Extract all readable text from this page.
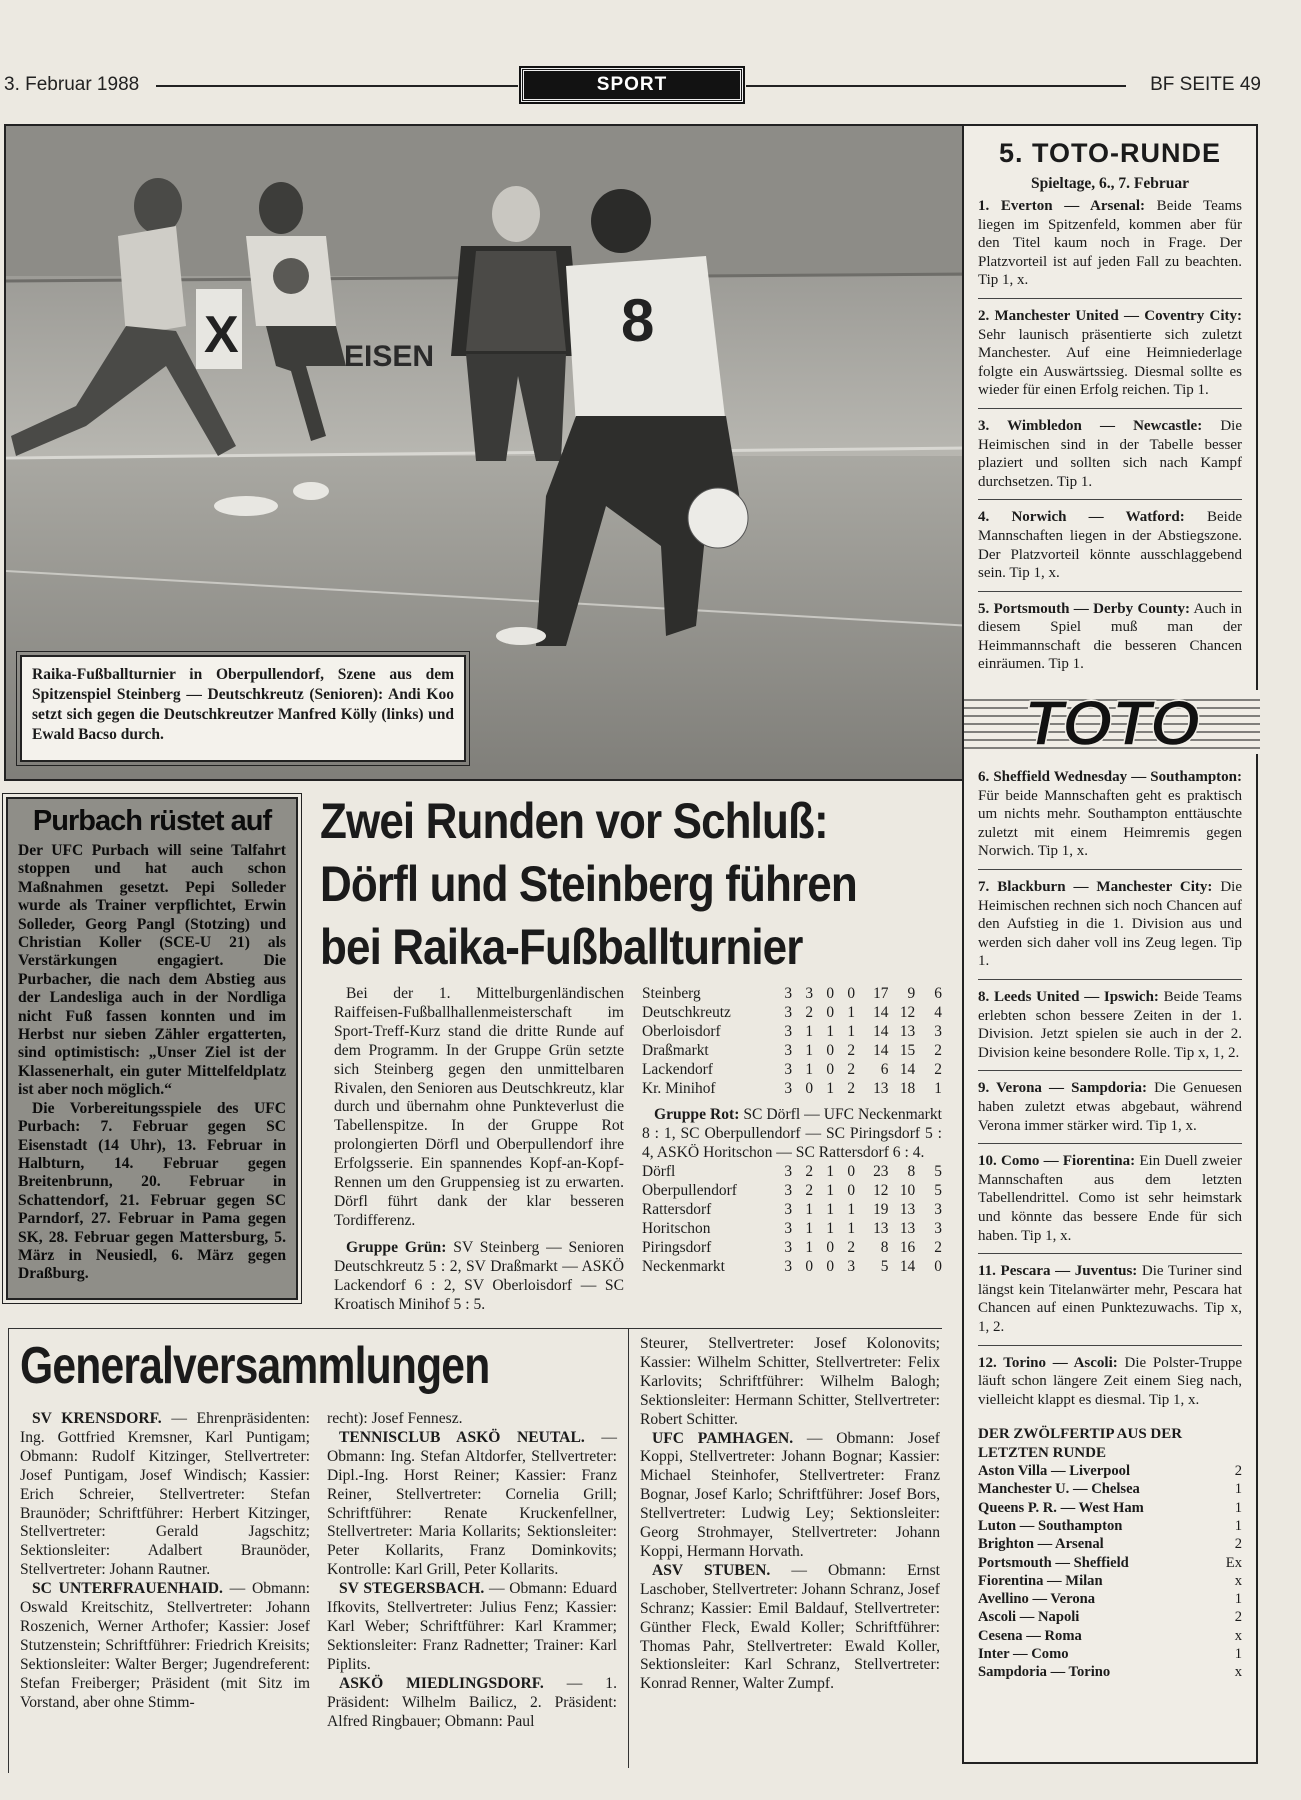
3. Februar 1988	SPORT	BF SEITE 49
X	EISEN
8
Raika-Fußballturnier in Oberpullendorf, Szene aus dem Spitzenspiel Steinberg — Deutschkreutz (Senioren): Andi Koo setzt sich gegen die Deutschkreutzer Manfred Kölly (links) und Ewald Bacso durch.
5. TOTO-RUNDE
Spieltage, 6., 7. Februar
1. Everton — Arsenal: Beide Teams liegen im Spitzenfeld, kommen aber für den Titel kaum noch in Frage. Der Platzvorteil ist auf jeden Fall zu beachten. Tip 1, x.
2. Manchester United — Coventry City: Sehr launisch präsentierte sich zuletzt Manchester. Auf eine Heimniederlage folgte ein Auswärtssieg. Diesmal sollte es wieder für einen Erfolg reichen. Tip 1.
3. Wimbledon — Newcastle: Die Heimischen sind in der Tabelle besser plaziert und sollten sich nach Kampf durchsetzen. Tip 1.
4. Norwich — Watford: Beide Mannschaften liegen in der Abstiegszone. Der Platzvorteil könnte ausschlaggebend sein. Tip 1, x.
5. Portsmouth — Derby County: Auch in diesem Spiel muß man der Heimmannschaft die besseren Chancen einräumen. Tip 1.
TOTO
6. Sheffield Wednesday — Southampton: Für beide Mannschaften geht es praktisch um nichts mehr. Southampton enttäuschte zuletzt mit einem Heimremis gegen Norwich. Tip 1, x.
7. Blackburn — Manchester City: Die Heimischen rechnen sich noch Chancen auf den Aufstieg in die 1. Division aus und werden sich daher voll ins Zeug legen. Tip 1.
8. Leeds United — Ipswich: Beide Teams erlebten schon bessere Zeiten in der 1. Division. Jetzt spielen sie auch in der 2. Division keine besondere Rolle. Tip x, 1, 2.
9. Verona — Sampdoria: Die Genuesen haben zuletzt etwas abgebaut, während Verona immer stärker wird. Tip 1, x.
10. Como — Fiorentina: Ein Duell zweier Mannschaften aus dem letzten Tabellendrittel. Como ist sehr heimstark und könnte das bessere Ende für sich haben. Tip 1, x.
11. Pescara — Juventus: Die Turiner sind längst kein Titelanwärter mehr, Pescara hat Chancen auf einen Punktezuwachs. Tip x, 1, 2.
12. Torino — Ascoli: Die Polster-Truppe läuft schon längere Zeit einem Sieg nach, vielleicht klappt es diesmal. Tip 1, x.
DER ZWÖLFERTIP AUS DER LETZTEN RUNDE
Aston Villa — Liverpool	2
Manchester U. — Chelsea	1
Queens P. R. — West Ham	1
Luton — Southampton	1
Brighton — Arsenal	2
Portsmouth — Sheffield	Ex
Fiorentina — Milan	x
Avellino — Verona	1
Ascoli — Napoli	2
Cesena — Roma	x
Inter — Como	1
Sampdoria — Torino	x
Purbach rüstet auf

Der UFC Purbach will seine Talfahrt stoppen und hat auch schon Maßnahmen gesetzt. Pepi Solleder wurde als Trainer verpflichtet, Erwin Solleder, Georg Pangl (Stotzing) und Christian Koller (SCE-U 21) als Verstärkungen engagiert. Die Purbacher, die nach dem Abstieg aus der Landesliga auch in der Nordliga nicht Fuß fassen konnten und im Herbst nur sieben Zähler ergatterten, sind optimistisch: „Unser Ziel ist der Klassenerhalt, ein guter Mittelfeldplatz ist aber noch möglich.“

Die Vorbereitungsspiele des UFC Purbach: 7. Februar gegen SC Eisenstadt (14 Uhr), 13. Februar in Halbturn, 14. Februar gegen Breitenbrunn, 20. Februar in Schattendorf, 21. Februar gegen SC Parndorf, 27. Februar in Pama gegen SK, 28. Februar gegen Mattersburg, 5. März in Neusiedl, 6. März gegen Draßburg.

Zwei Runden vor Schluß:
Dörfl und Steinberg führen
bei Raika-Fußballturnier

Bei der 1. Mittelburgenländischen Raiffeisen-Fußballhallenmeisterschaft im Sport-Treff-Kurz stand die dritte Runde auf dem Programm. In der Gruppe Grün setzte sich Steinberg gegen den unmittelbaren Rivalen, den Senioren aus Deutschkreutz, klar durch und übernahm ohne Punkteverlust die Tabellenspitze. In der Gruppe Rot prolongierten Dörfl und Oberpullendorf ihre Erfolgsserie. Ein spannendes Kopf-an-Kopf-Rennen um den Gruppensieg ist zu erwarten. Dörfl führt dank der klar besseren Tordifferenz.

Gruppe Grün: SV Steinberg — Senioren Deutschkreutz 5 : 2, SV Draßmarkt — ASKÖ Lackendorf 6 : 2, SV Oberloisdorf — SC Kroatisch Minihof 5 : 5.

Steinberg	3 3 0 0	17	9	6
Deutschkreutz	3 2 0 1	14 12	4
Oberloisdorf	3 1 1 1	14 13	3
Draßmarkt	3 1 0 2	14 15	2
Lackendorf	3 1 0 2	6 14	2
Kr. Minihof	3 0 1 2	13 18	1

Gruppe Rot: SC Dörfl — UFC Neckenmarkt 8 : 1, SC Oberpullendorf — SC Piringsdorf 5 : 4, ASKÖ Horitschon — SC Rattersdorf 6 : 4.

Dörfl	3 2 1 0	23	8	5
Oberpullendorf	3 2 1 0	12 10	5
Rattersdorf	3 1 1 1	19 13	3
Horitschon	3 1 1 1	13 13	3
Piringsdorf	3 1 0 2	8 16	2
Neckenmarkt	3 0 0 3	5 14	0
Generalversammlungen

SV KRENSDORF. — Ehrenpräsidenten: Ing. Gottfried Kremsner, Karl Puntigam; Obmann: Rudolf Kitzinger, Stellvertreter: Josef Puntigam, Josef Windisch; Kassier: Erich Schreier, Stellvertreter: Stefan Braunöder; Schriftführer: Herbert Kitzinger, Stellvertreter: Gerald Jagschitz; Sektionsleiter: Adalbert Braunöder, Stellvertreter: Johann Rautner.

SC UNTERFRAUENHAID. — Obmann: Oswald Kreitschitz, Stellvertreter: Johann Roszenich, Werner Arthofer; Kassier: Josef Stutzenstein; Schriftführer: Friedrich Kreisits; Sektionsleiter: Walter Berger; Jugendreferent: Stefan Freiberger; Präsident (mit Sitz im Vorstand, aber ohne Stimm-

recht): Josef Fennesz.

TENNISCLUB ASKÖ NEUTAL. — Obmann: Ing. Stefan Altdorfer, Stellvertreter: Dipl.-Ing. Horst Reiner; Kassier: Franz Reiner, Stellvertreter: Cornelia Grill; Schriftführer: Renate Kruckenfellner, Stellvertreter: Maria Kollarits; Sektionsleiter: Peter Kollarits, Franz Dominkovits; Kontrolle: Karl Grill, Peter Kollarits.

SV STEGERSBACH. — Obmann: Eduard Ifkovits, Stellvertreter: Julius Fenz; Kassier: Karl Weber; Schriftführer: Karl Krammer; Sektionsleiter: Franz Radnetter; Trainer: Karl Piplits.

ASKÖ MIEDLINGSDORF. — 1. Präsident: Wilhelm Bailicz, 2. Präsident: Alfred Ringbauer; Obmann: Paul

Steurer, Stellvertreter: Josef Kolonovits; Kassier: Wilhelm Schitter, Stellvertreter: Felix Karlovits; Schriftführer: Wilhelm Balogh; Sektionsleiter: Hermann Schitter, Stellvertreter: Robert Schitter.

UFC PAMHAGEN. — Obmann: Josef Koppi, Stellvertreter: Johann Bognar; Kassier: Michael Steinhofer, Stellvertreter: Franz Bognar, Josef Karlo; Schriftführer: Josef Bors, Stellvertreter: Ludwig Ley; Sektionsleiter: Georg Strohmayer, Stellvertreter: Johann Koppi, Hermann Horvath.

ASV STUBEN. — Obmann: Ernst Laschober, Stellvertreter: Johann Schranz, Josef Schranz; Kassier: Emil Baldauf, Stellvertreter: Günther Fleck, Ewald Koller; Schriftführer: Thomas Pahr, Stellvertreter: Ewald Koller, Sektionsleiter: Karl Schranz, Stellvertreter: Konrad Renner, Walter Zumpf.
